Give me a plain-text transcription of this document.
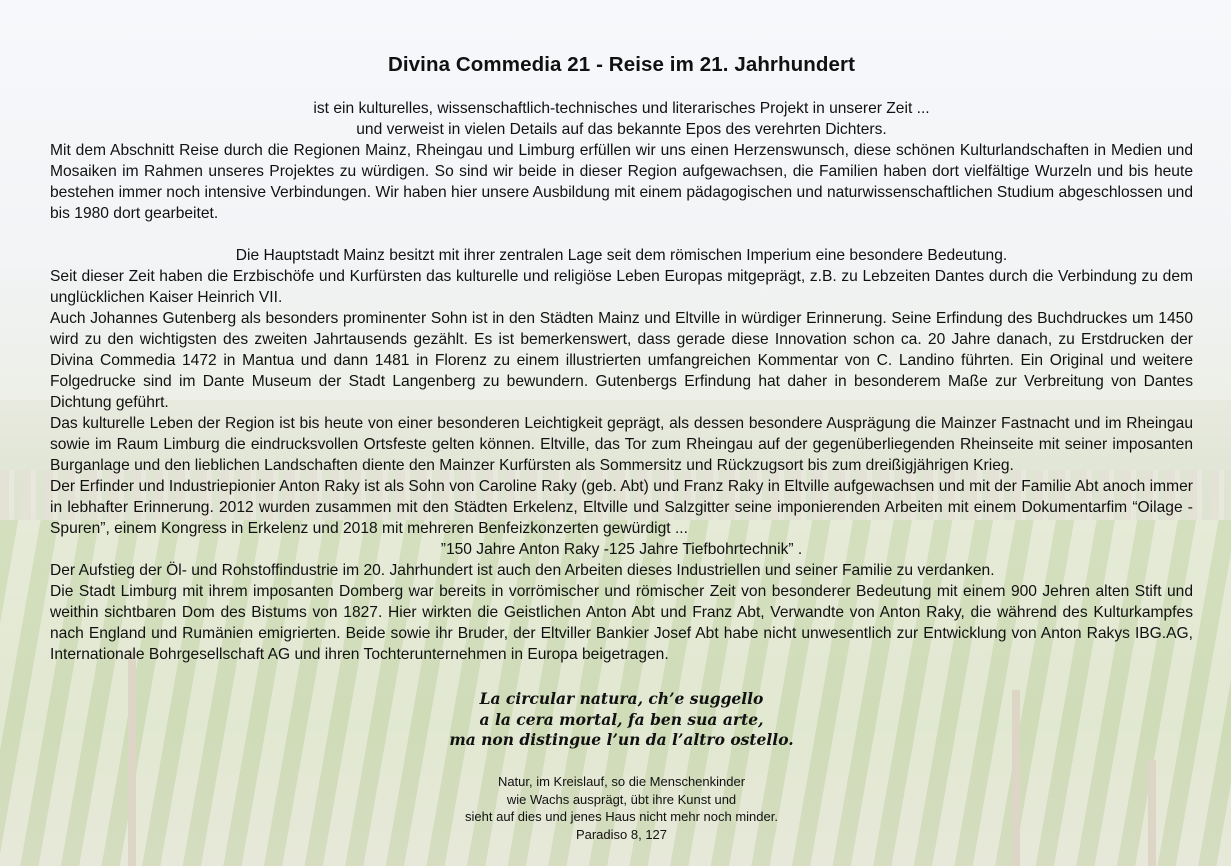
Divina Commedia 21 - Reise im 21. Jahrhundert
ist ein kulturelles, wissenschaftlich-technisches und literarisches Projekt in unserer Zeit ...
und verweist in vielen Details auf das bekannte Epos des verehrten Dichters.

Mit dem Abschnitt Reise durch die Regionen Mainz, Rheingau und Limburg erfüllen wir uns einen Herzenswunsch, diese schönen Kulturlandschaften in Medien und Mosaiken im Rahmen unseres Projektes zu würdigen. So sind wir beide in dieser Region aufgewachsen, die Familien haben dort vielfältige Wurzeln und bis heute bestehen immer noch intensive Verbindungen. Wir haben hier unsere Ausbildung mit einem pädagogischen und naturwissenschaftlichen Studium abgeschlossen und bis 1980 dort gearbeitet.

Die Hauptstadt Mainz besitzt mit ihrer zentralen Lage seit dem römischen Imperium eine besondere Bedeutung.

Seit dieser Zeit haben die Erzbischöfe und Kurfürsten das kulturelle und religiöse Leben Europas mitgeprägt, z.B. zu Lebzeiten Dantes durch die Verbindung zu dem unglücklichen Kaiser Heinrich VII.

Auch Johannes Gutenberg als besonders prominenter Sohn ist in den Städten Mainz und Eltville in würdiger Erinnerung. Seine Erfindung des Buchdruckes um 1450 wird zu den wichtigsten des zweiten Jahrtausends gezählt. Es ist bemerkenswert, dass gerade diese Innovation schon ca. 20 Jahre danach, zu Erstdrucken der Divina Commedia 1472 in Mantua und dann 1481 in Florenz zu einem illustrierten umfangreichen Kommentar von C. Landino führten. Ein Original und weitere Folgedrucke sind im Dante Museum der Stadt Langenberg zu bewundern. Gutenbergs Erfindung hat daher in besonderem Maße zur Verbreitung von Dantes Dichtung geführt.

Das kulturelle Leben der Region ist bis heute von einer besonderen Leichtigkeit geprägt, als dessen besondere Ausprägung die Mainzer Fastnacht und im Rheingau sowie im Raum Limburg die eindrucksvollen Ortsfeste gelten können. Eltville, das Tor zum Rheingau auf der gegenüberliegenden Rheinseite mit seiner imposanten Burganlage und den lieblichen Landschaften diente den Mainzer Kurfürsten als Sommersitz und Rückzugsort bis zum dreißigjährigen Krieg.

Der Erfinder und Industriepionier Anton Raky ist als Sohn von Caroline Raky (geb. Abt) und Franz Raky in Eltville aufgewachsen und mit der Familie Abt anoch immer in lebhafter Erinnerung. 2012 wurden zusammen mit den Städten Erkelenz, Eltville und Salzgitter seine imponierenden Arbeiten mit einem Dokumentarfim “Oilage - Spuren”, einem Kongress in Erkelenz und 2018 mit mehreren Benfeizkonzerten gewürdigt ...

”150 Jahre Anton Raky -125 Jahre Tiefbohrtechnik” .

Der Aufstieg der Öl- und Rohstoffindustrie im 20. Jahrhundert ist auch den Arbeiten dieses Industriellen und seiner Familie zu verdanken.

Die Stadt Limburg mit ihrem imposanten Domberg war bereits in vorrömischer und römischer Zeit von besonderer Bedeutung mit einem 900 Jehren alten Stift und weithin sichtbaren Dom des Bistums von 1827. Hier wirkten die Geistlichen Anton Abt und Franz Abt, Verwandte von Anton Raky, die während des Kulturkampfes nach England und Rumänien emigrierten. Beide sowie ihr Bruder, der Eltviller Bankier Josef Abt habe nicht unwesentlich zur Entwicklung von Anton Rakys IBG.AG, Internationale Bohrgesellschaft AG und ihren Tochterunternehmen in Europa beigetragen.

La circular natura, ch’e suggello
a la cera mortal, fa ben sua arte,
ma non distingue l’un da l’altro ostello.
Natur, im Kreislauf, so die Menschenkinder
wie Wachs ausprägt, übt ihre Kunst und
sieht auf dies und jenes Haus nicht mehr noch minder.
Paradiso 8, 127
